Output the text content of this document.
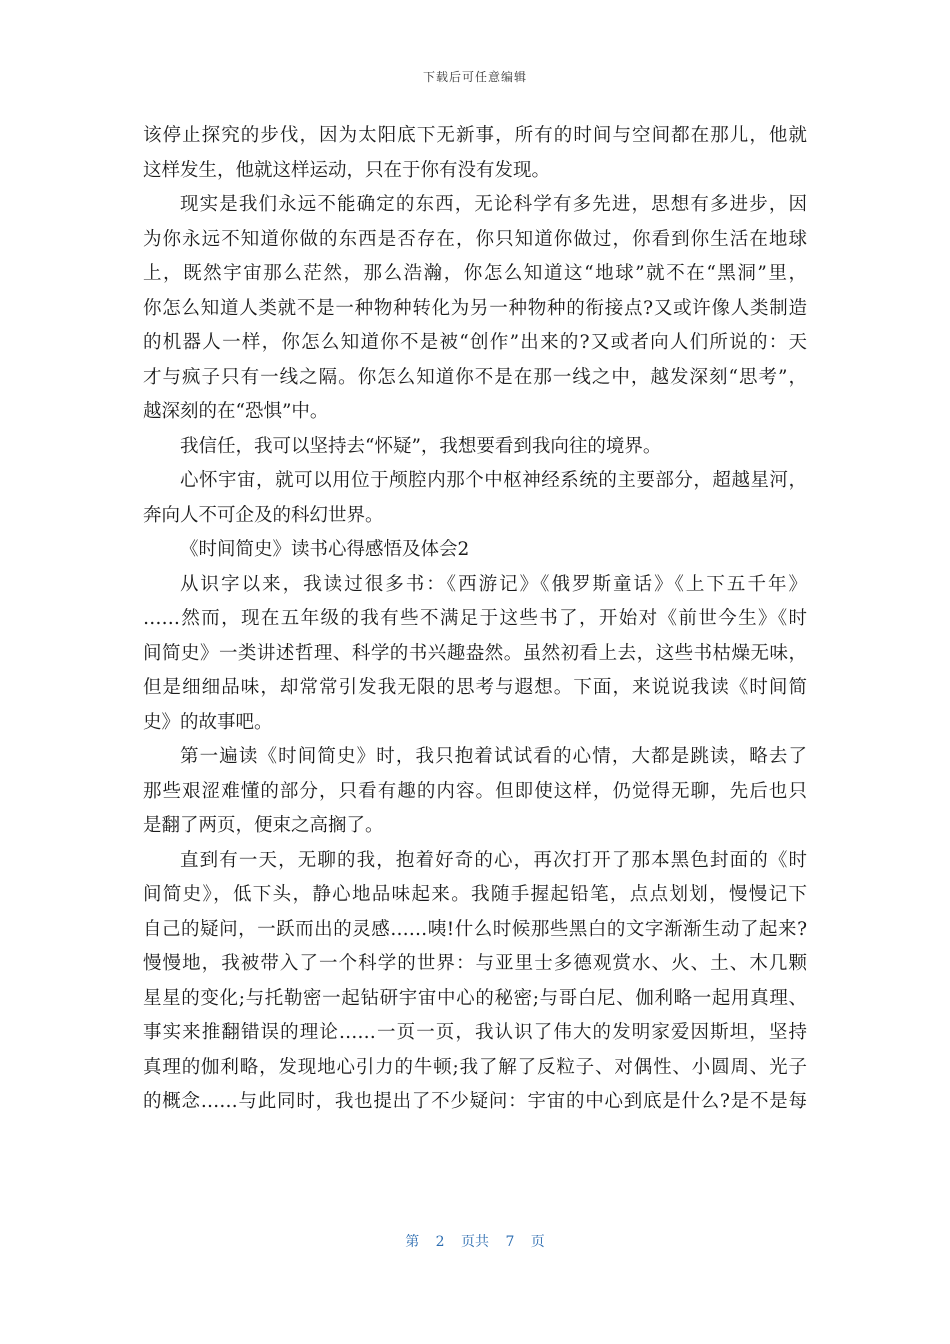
下载后可任意编辑
该停止探究的步伐，因为太阳底下无新事，所有的时间与空间都在那儿，他就
这样发生，他就这样运动，只在于你有没有发现。
现实是我们永远不能确定的东西，无论科学有多先进，思想有多进步，因
为你永远不知道你做的东西是否存在，你只知道你做过，你看到你生活在地球
上，既然宇宙那么茫然，那么浩瀚，你怎么知道这“地球”就不在“黑洞”里，
你怎么知道人类就不是一种物种转化为另一种物种的衔接点?又或许像人类制造
的机器人一样，你怎么知道你不是被“创作”出来的?又或者向人们所说的：天
才与疯子只有一线之隔。你怎么知道你不是在那一线之中，越发深刻“思考”，
越深刻的在“恐惧”中。
我信任，我可以坚持去“怀疑”，我想要看到我向往的境界。
心怀宇宙，就可以用位于颅腔内那个中枢神经系统的主要部分，超越星河，
奔向人不可企及的科幻世界。
《时间简史》读书心得感悟及体会2
从识字以来，我读过很多书：《西游记》《俄罗斯童话》《上下五千年》
……然而，现在五年级的我有些不满足于这些书了，开始对《前世今生》《时
间简史》一类讲述哲理、科学的书兴趣盎然。虽然初看上去，这些书枯燥无味，
但是细细品味，却常常引发我无限的思考与遐想。下面，来说说我读《时间简
史》的故事吧。
第一遍读《时间简史》时，我只抱着试试看的心情，大都是跳读，略去了
那些艰涩难懂的部分，只看有趣的内容。但即使这样，仍觉得无聊，先后也只
是翻了两页，便束之高搁了。
直到有一天，无聊的我，抱着好奇的心，再次打开了那本黑色封面的《时
间简史》，低下头，静心地品味起来。我随手握起铅笔，点点划划，慢慢记下
自己的疑问，一跃而出的灵感……咦!什么时候那些黑白的文字渐渐生动了起来?
慢慢地，我被带入了一个科学的世界：与亚里士多德观赏水、火、土、木几颗
星星的变化;与托勒密一起钻研宇宙中心的秘密;与哥白尼、伽利略一起用真理、
事实来推翻错误的理论……一页一页，我认识了伟大的发明家爱因斯坦，坚持
真理的伽利略，发现地心引力的牛顿;我了解了反粒子、对偶性、小圆周、光子
的概念……与此同时，我也提出了不少疑问：宇宙的中心到底是什么?是不是每
第 2 页共 7 页
